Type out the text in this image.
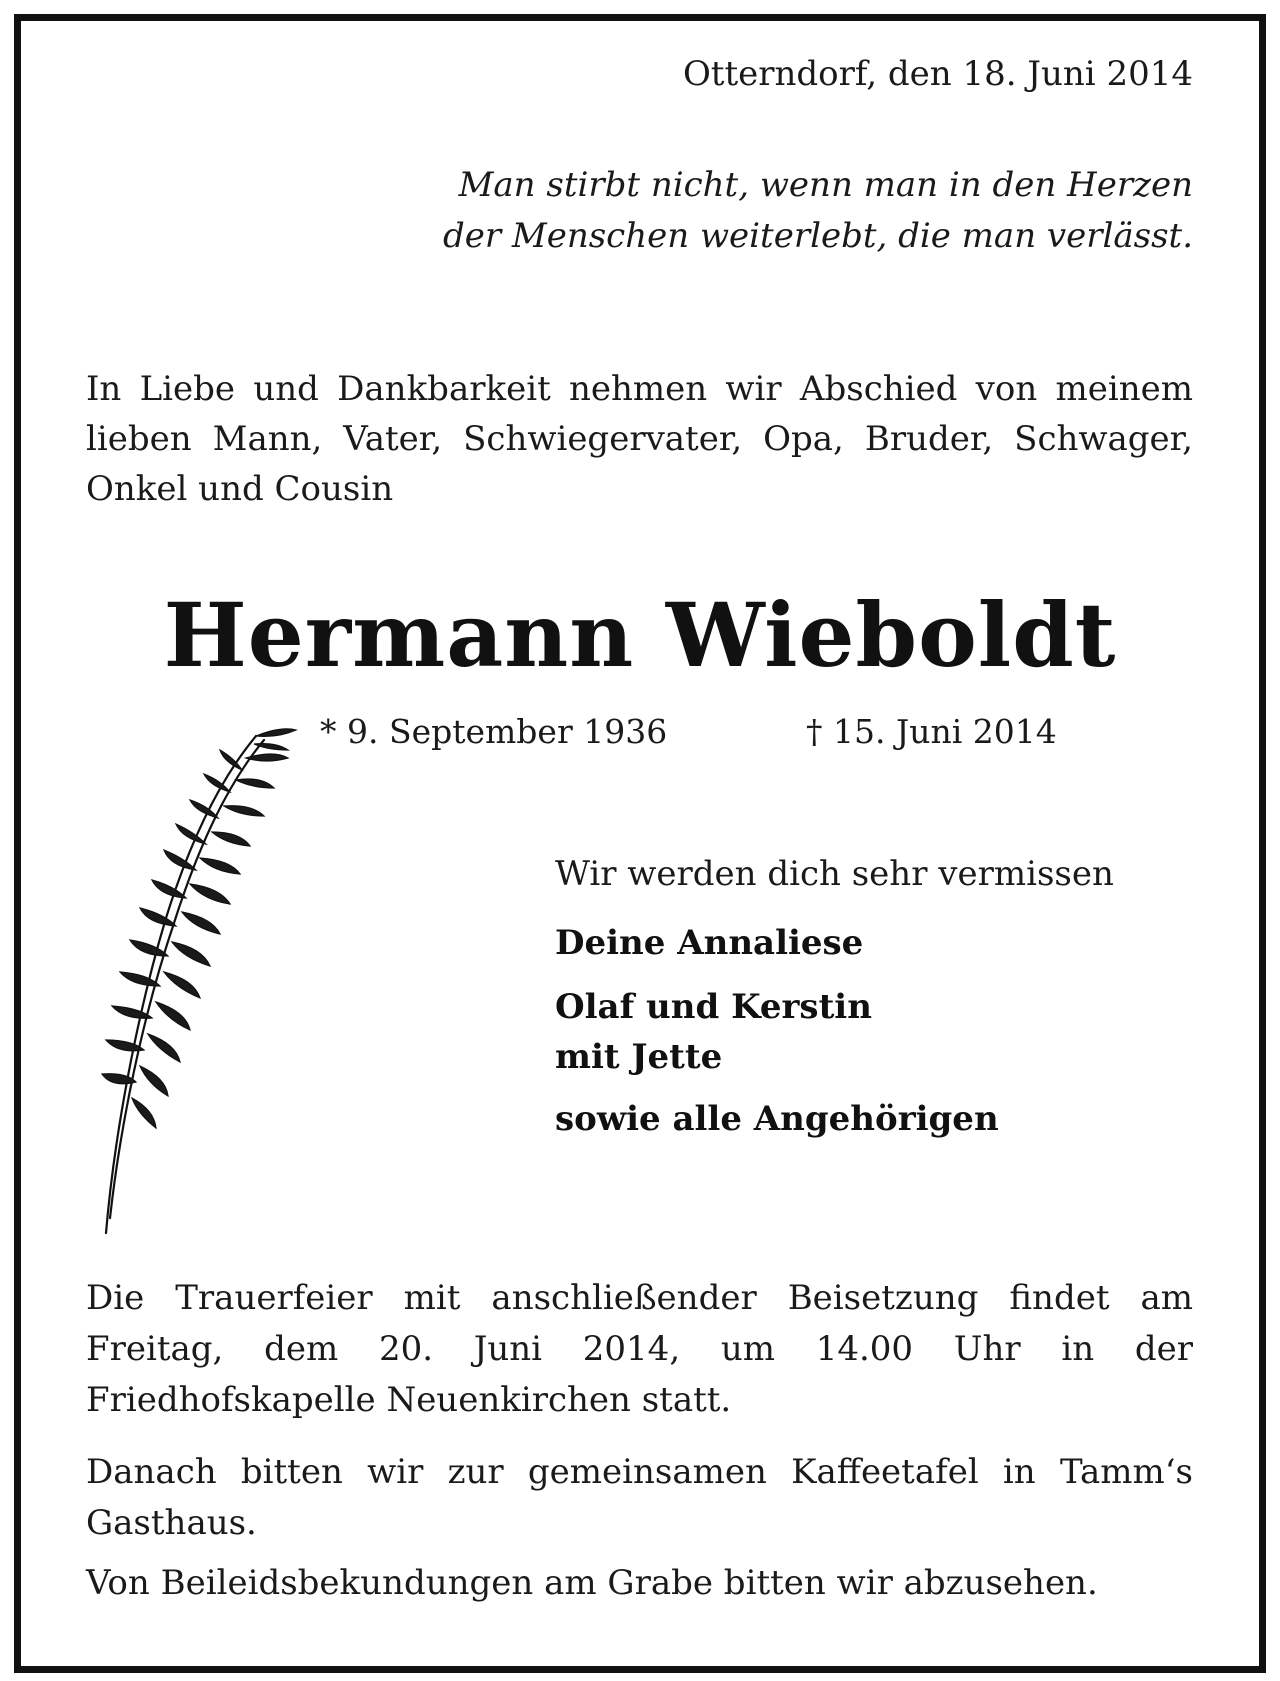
Otterndorf, den 18. Juni 2014
Man stirbt nicht, wenn man in den Herzen
der Menschen weiterlebt, die man verlässt.
In Liebe und Dankbarkeit nehmen wir Abschied von meinem lieben Mann, Vater, Schwiegervater, Opa, Bruder, Schwager, Onkel und Cousin
Hermann Wieboldt
* 9. September 1936	† 15. Juni 2014
Wir werden dich sehr vermissen
Deine Annaliese
Olaf und Kerstin
mit Jette
sowie alle Angehörigen
Die Trauerfeier mit anschließender Beisetzung findet am Freitag, dem 20. Juni 2014, um 14.00 Uhr in der Friedhofskapelle Neuenkirchen statt.
Danach bitten wir zur gemeinsamen Kaffeetafel in Tamm‘s Gasthaus.
Von Beileidsbekundungen am Grabe bitten wir abzusehen.
